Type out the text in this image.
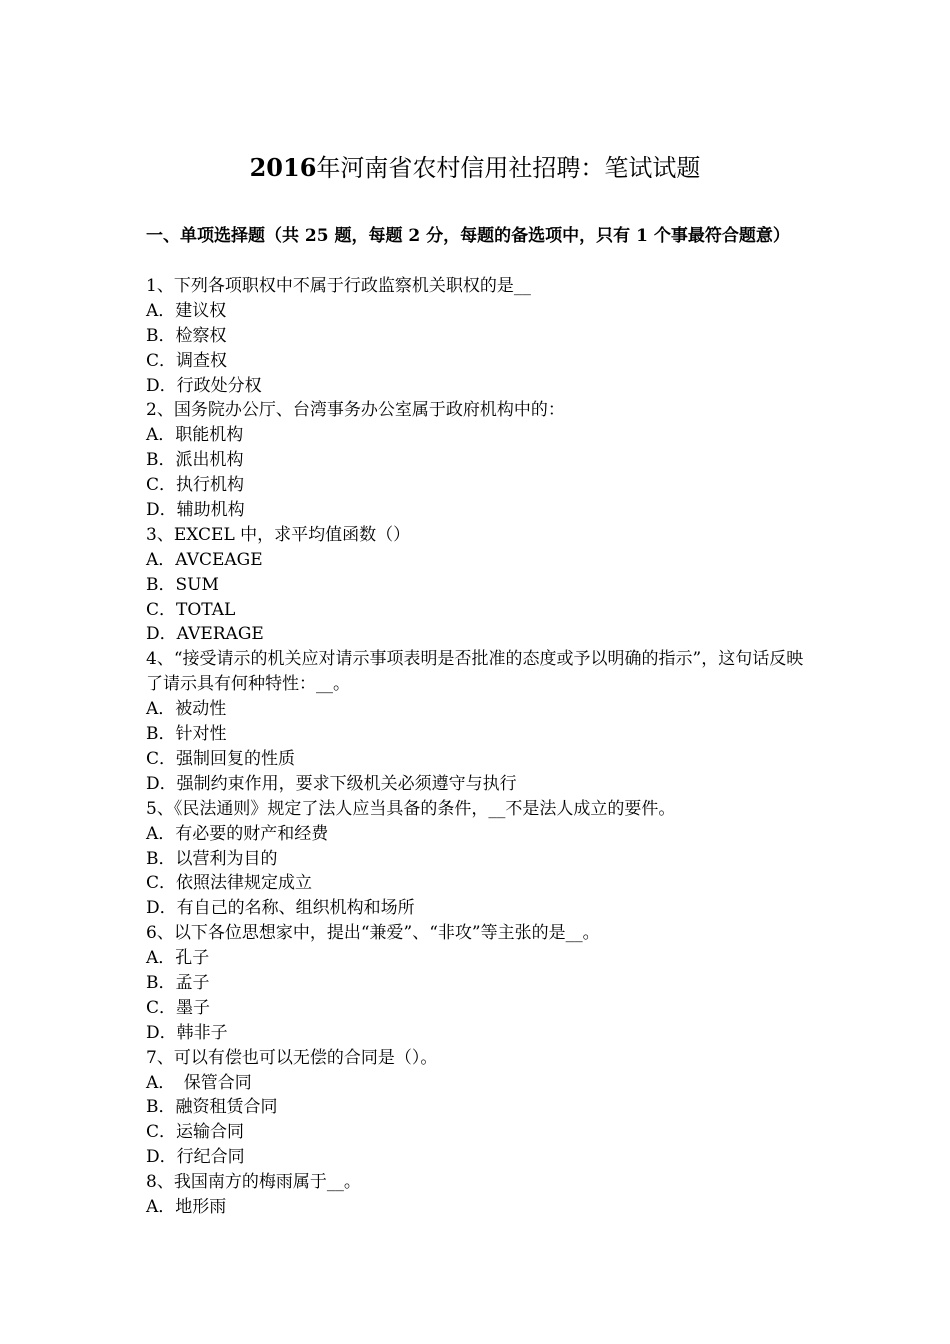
2016年河南省农村信用社招聘：笔试试题
一、单项选择题（共 25 题，每题 2 分，每题的备选项中，只有 1 个事最符合题意）
1、下列各项职权中不属于行政监察机关职权的是__
A．建议权
B．检察权
C．调查权
D．行政处分权
2、国务院办公厅、台湾事务办公室属于政府机构中的：
A．职能机构
B．派出机构
C．执行机构
D．辅助机构
3、EXCEL 中，求平均值函数（）
A．AVCEAGE
B．SUM
C．TOTAL
D．AVERAGE
4、“接受请示的机关应对请示事项表明是否批准的态度或予以明确的指示”，这句话反映了请示具有何种特性：__。
A．被动性
B．针对性
C．强制回复的性质
D．强制约束作用，要求下级机关必须遵守与执行
5、《民法通则》规定了法人应当具备的条件，__不是法人成立的要件。
A．有必要的财产和经费
B．以营利为目的
C．依照法律规定成立
D．有自己的名称、组织机构和场所
6、以下各位思想家中，提出“兼爱”、“非攻”等主张的是__。
A．孔子
B．孟子
C．墨子
D．韩非子
7、可以有偿也可以无偿的合同是（）。
A．　保管合同
B．融资租赁合同
C．运输合同
D．行纪合同
8、我国南方的梅雨属于__。
A．地形雨
